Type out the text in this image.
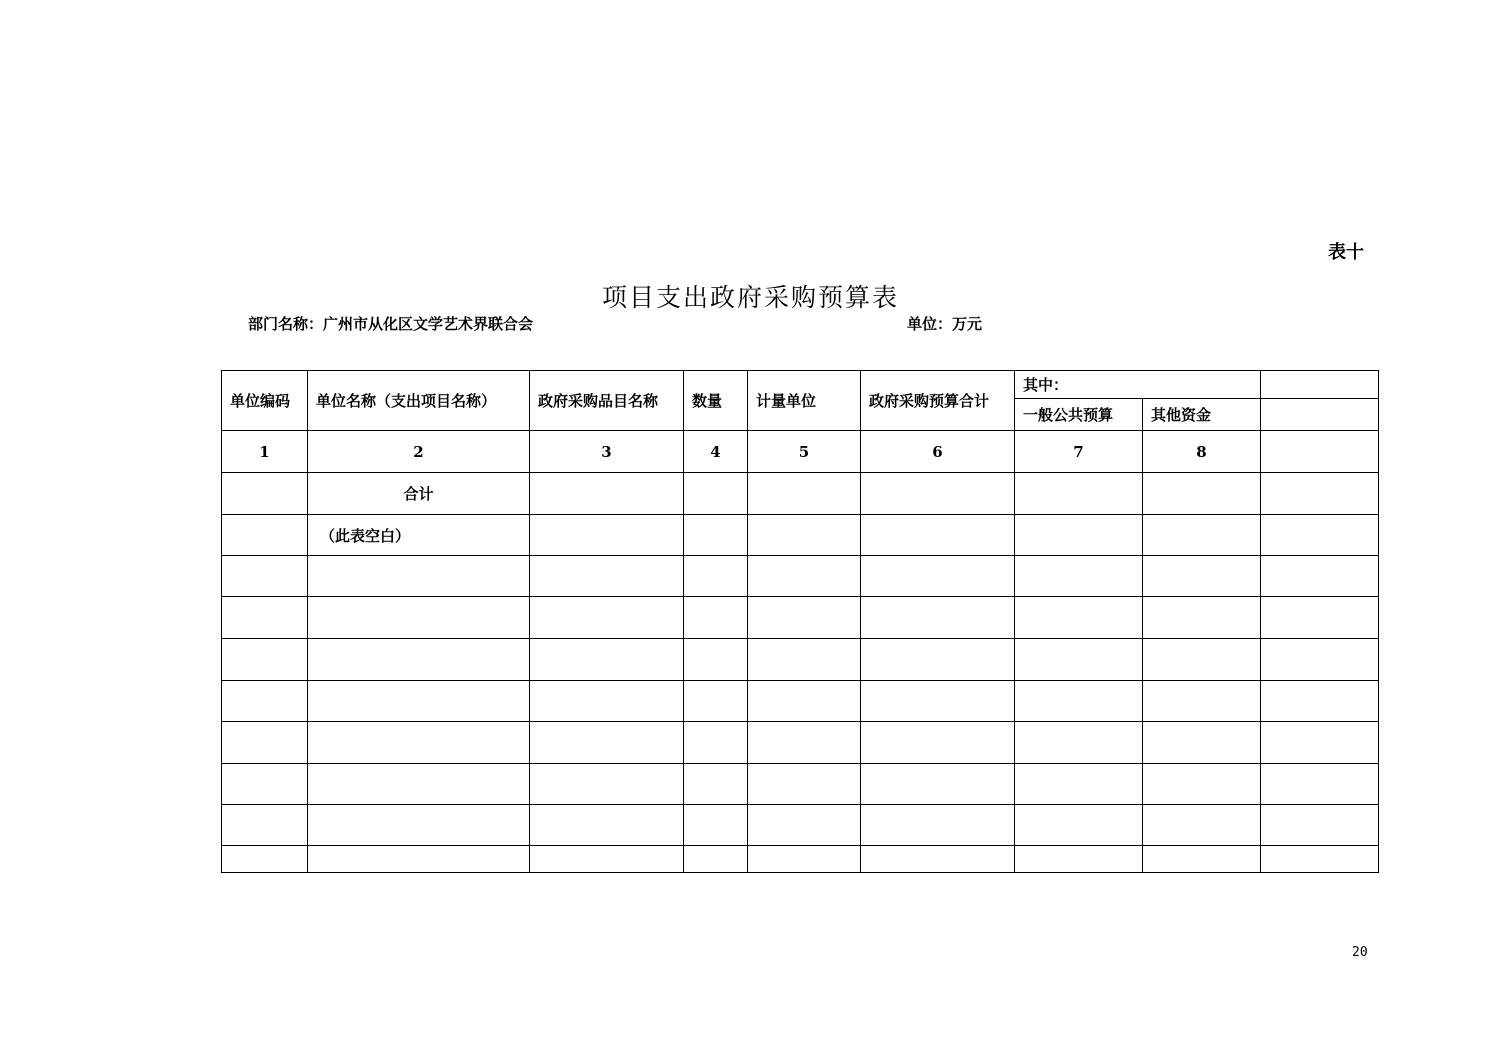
表十
项目支出政府采购预算表
部门名称：广州市从化区文学艺术界联合会	单位：万元
单位编码	单位名称（支出项目名称）	政府采购品目名称	数量	计量单位	政府采购预算合计	其中：		
						一般公共预算	其他资金	
1	2	3	4	5	6	7	8	
	合计							
	（此表空白）							

20
